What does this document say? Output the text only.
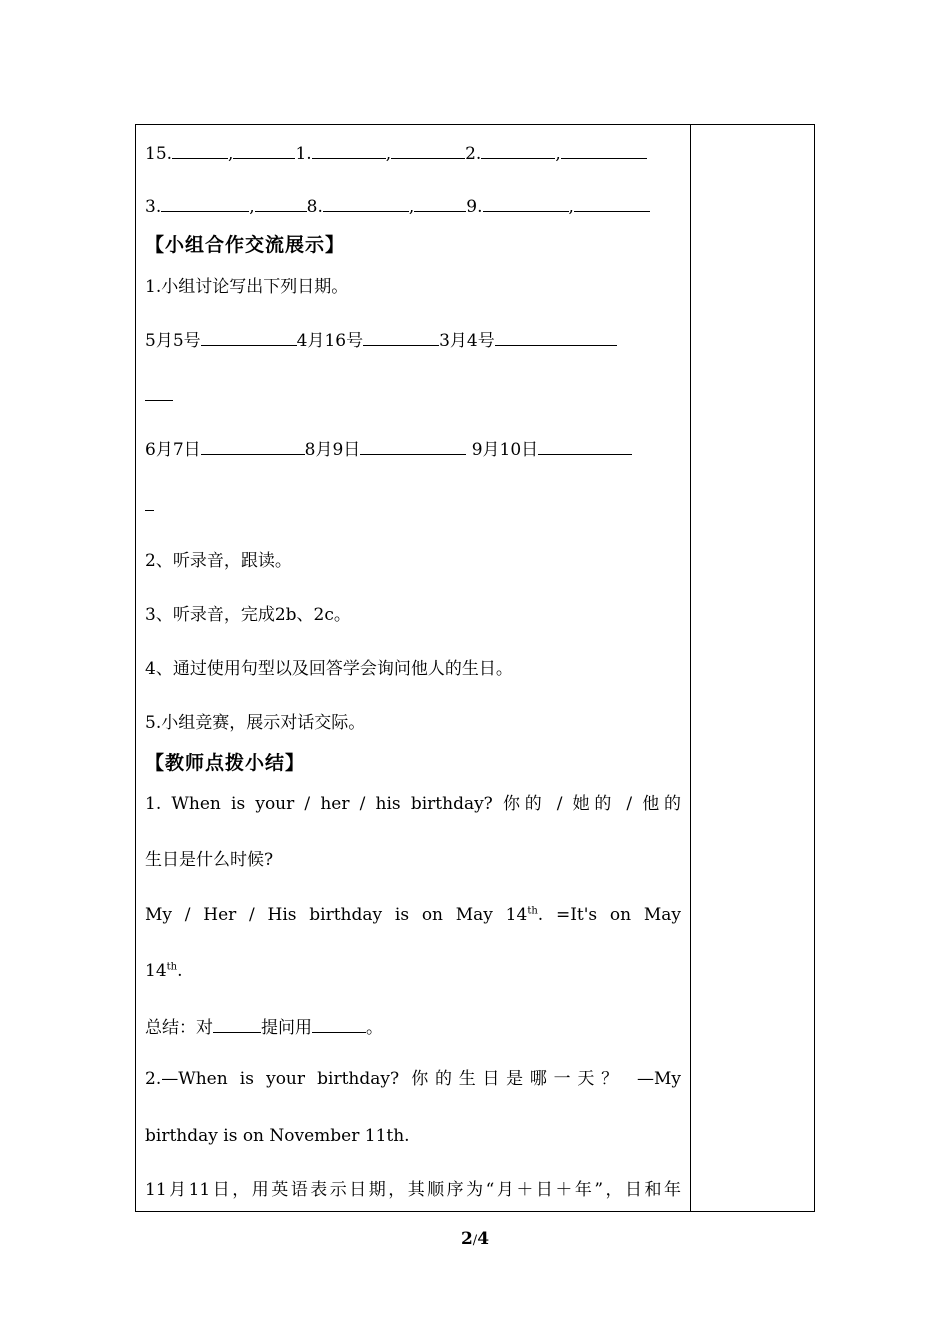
15.	,	1.	,	2.	,
3.	,	8.	,	9.	,
【小组合作交流展示】
1.小组讨论写出下列日期。
5月5号	4月16号	3月4号
6月7日	8月9日	9月10日
2、听录音，跟读。
3、听录音，完成2b、2c。
4、通过使用句型以及回答学会询问他人的生日。
5.小组竞赛，展示对话交际。
【教师点拨小结】
1. When is your / her / his birthday? 你的 / 她的 / 他的
生日是什么时候?
My / Her / His birthday is on May 14th. =It's on May
14th.
总结：对	提问用	。
2.—When is your birthday? 你的生日是哪一天？ —My
birthday is on November 11th.
11月11日，用英语表示日期，其顺序为“月＋日＋年”，日和年
2/4
